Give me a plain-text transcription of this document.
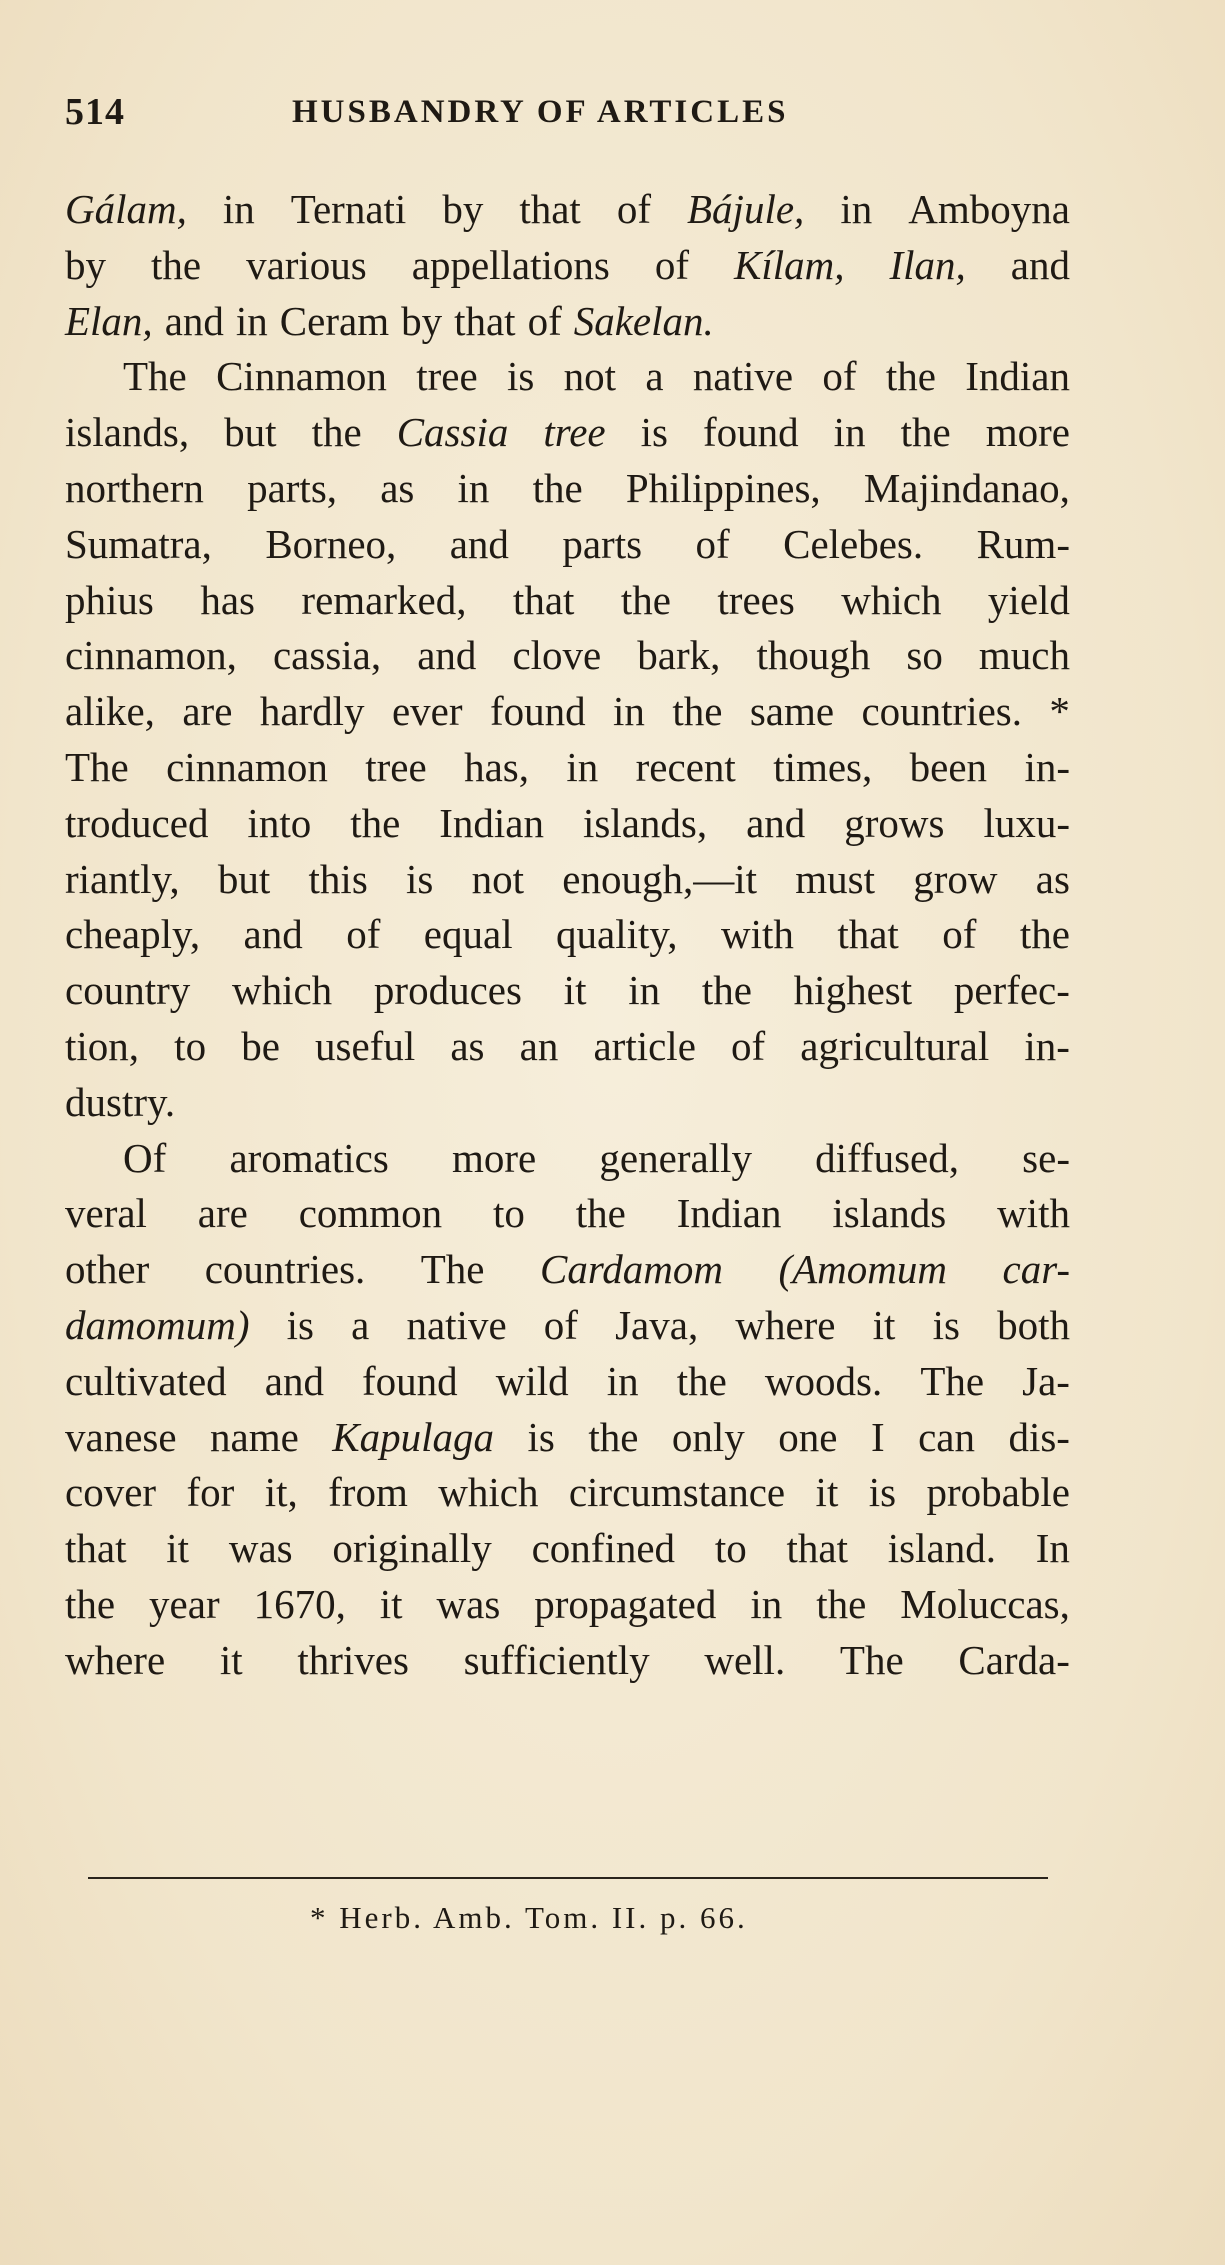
514	HUSBANDRY OF ARTICLES
Gálam, in Ternati by that of Bájule, in Amboyna
by the various appellations of Kílam, Ilan, and
Elan, and in Ceram by that of Sakelan.
The Cinnamon tree is not a native of the Indian
islands, but the Cassia tree is found in the more
northern parts, as in the Philippines, Majindanao,
Sumatra, Borneo, and parts of Celebes. Rum-
phius has remarked, that the trees which yield
cinnamon, cassia, and clove bark, though so much
alike, are hardly ever found in the same countries. *
The cinnamon tree has, in recent times, been in-
troduced into the Indian islands, and grows luxu-
riantly, but this is not enough,—it must grow as
cheaply, and of equal quality, with that of the
country which produces it in the highest perfec-
tion, to be useful as an article of agricultural in-
dustry.
Of aromatics more generally diffused, se-
veral are common to the Indian islands with
other countries. The Cardamom (Amomum car-
damomum) is a native of Java, where it is both
cultivated and found wild in the woods. The Ja-
vanese name Kapulaga is the only one I can dis-
cover for it, from which circumstance it is probable
that it was originally confined to that island. In
the year 1670, it was propagated in the Moluccas,
where it thrives sufficiently well. The Carda-
* Herb. Amb. Tom. II. p. 66.
